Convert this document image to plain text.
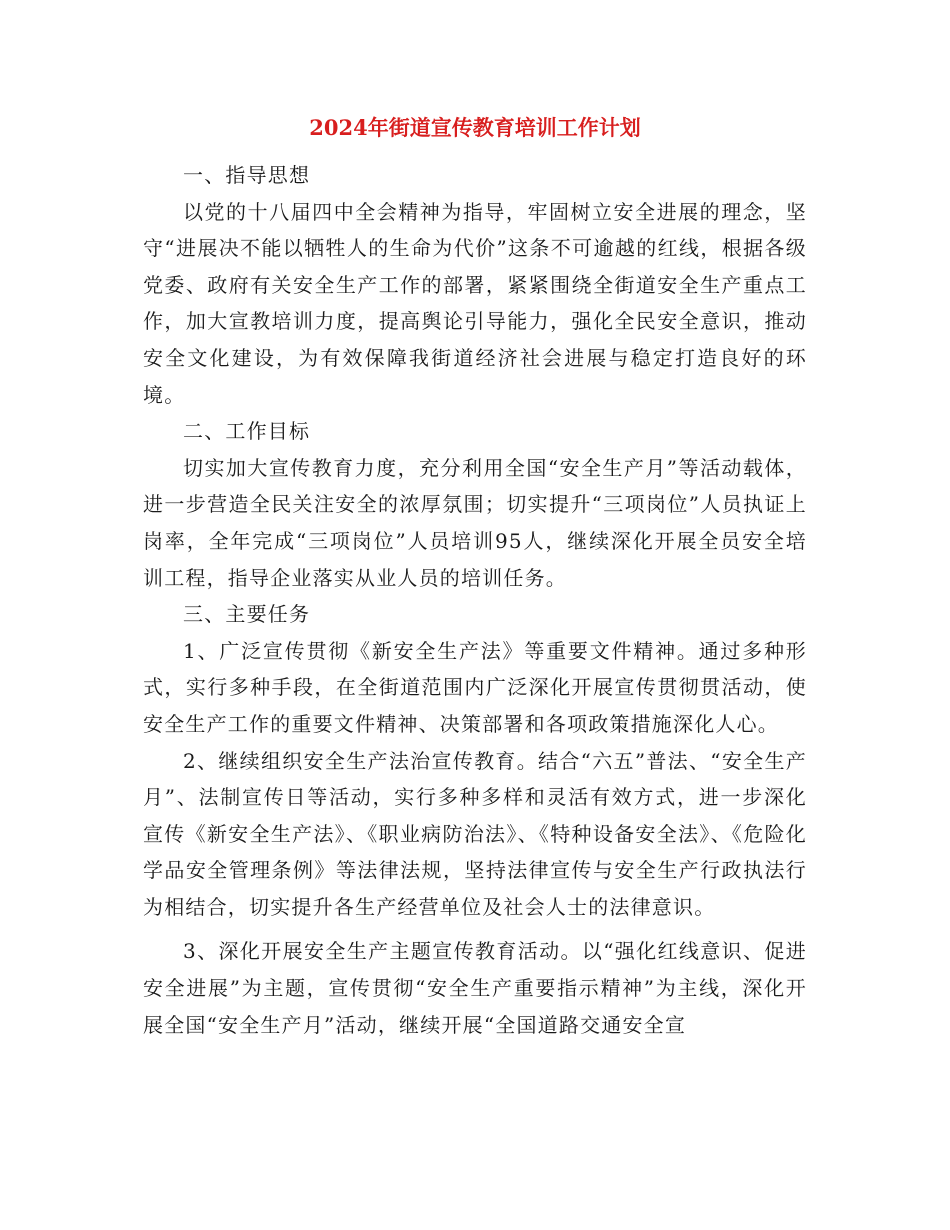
2024年街道宣传教育培训工作计划

一、指导思想

以党的十八届四中全会精神为指导，牢固树立安全进展的理念，坚守“进展决不能以牺牲人的生命为代价”这条不可逾越的红线，根据各级党委、政府有关安全生产工作的部署，紧紧围绕全街道安全生产重点工作，加大宣教培训力度，提高舆论引导能力，强化全民安全意识，推动安全文化建设，为有效保障我街道经济社会进展与稳定打造良好的环境。

二、工作目标

切实加大宣传教育力度，充分利用全国“安全生产月”等活动载体，进一步营造全民关注安全的浓厚氛围；切实提升“三项岗位”人员执证上岗率，全年完成“三项岗位”人员培训95人，继续深化开展全员安全培训工程，指导企业落实从业人员的培训任务。

三、主要任务

1、广泛宣传贯彻《新安全生产法》等重要文件精神。通过多种形式，实行多种手段，在全街道范围内广泛深化开展宣传贯彻贯活动，使安全生产工作的重要文件精神、决策部署和各项政策措施深化人心。

2、继续组织安全生产法治宣传教育。结合“六五”普法、“安全生产月”、法制宣传日等活动，实行多种多样和灵活有效方式，进一步深化宣传《新安全生产法》、《职业病防治法》、《特种设备安全法》、《危险化学品安全管理条例》等法律法规，坚持法律宣传与安全生产行政执法行为相结合，切实提升各生产经营单位及社会人士的法律意识。

3、深化开展安全生产主题宣传教育活动。以“强化红线意识、促进安全进展”为主题，宣传贯彻“安全生产重要指示精神”为主线，深化开展全国“安全生产月”活动，继续开展“全国道路交通安全宣
